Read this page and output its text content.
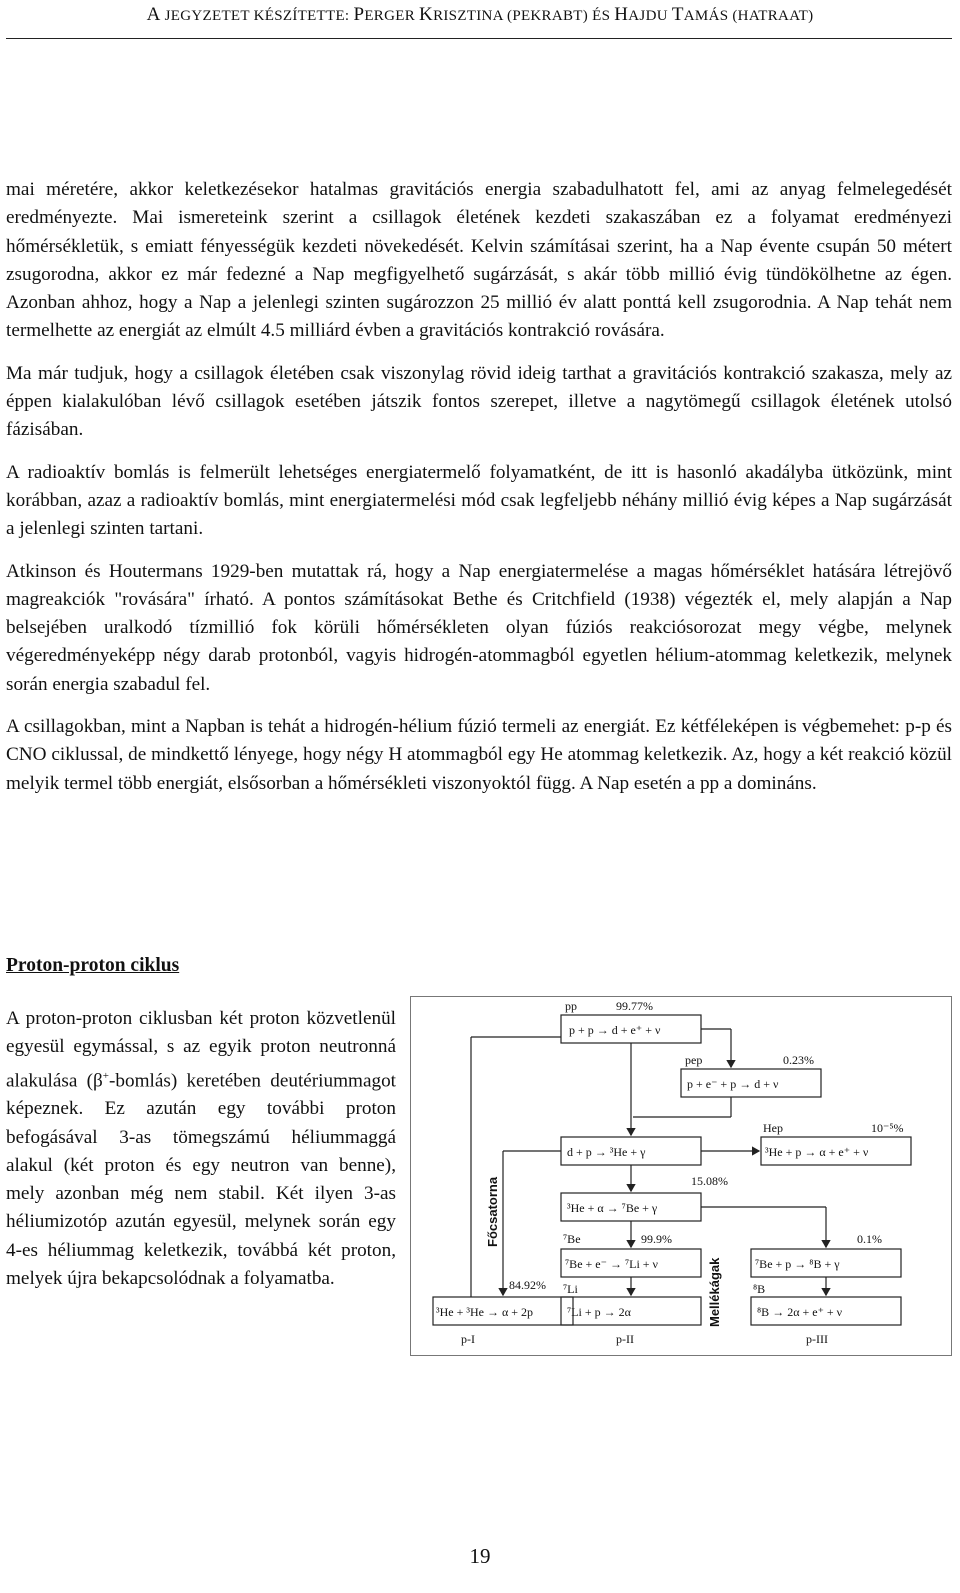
A JEGYZETET KÉSZÍTETTE: PERGER KRISZTINA (PEKRABT) ÉS HAJDU TAMÁS (HATRAAT)

mai méretére, akkor keletkezésekor hatalmas gravitációs energia szabadulhatott fel, ami az anyag felmelegedését eredményezte. Mai ismereteink szerint a csillagok életének kezdeti szakaszában ez a folyamat eredményezi hőmérsékletük, s emiatt fényességük kezdeti növekedését. Kelvin számításai szerint, ha a Nap évente csupán 50 métert zsugorodna, akkor ez már fedezné a Nap megfigyelhető sugárzását, s akár több millió évig tündökölhetne az égen. Azonban ahhoz, hogy a Nap a jelenlegi szinten sugározzon 25 millió év alatt ponttá kell zsugorodnia. A Nap tehát nem termelhette az energiát az elmúlt 4.5 milliárd évben a gravitációs kontrakció rovására.

Ma már tudjuk, hogy a csillagok életében csak viszonylag rövid ideig tarthat a gravitációs kontrakció szakasza, mely az éppen kialakulóban lévő csillagok esetében játszik fontos szerepet, illetve a nagytömegű csillagok életének utolsó fázisában.

A radioaktív bomlás is felmerült lehetséges energiatermelő folyamatként, de itt is hasonló akadályba ütközünk, mint korábban, azaz a radioaktív bomlás, mint energiatermelési mód csak legfeljebb néhány millió évig képes a Nap sugárzását a jelenlegi szinten tartani.

Atkinson és Houtermans 1929-ben mutattak rá, hogy a Nap energiatermelése a magas hőmérséklet hatására létrejövő magreakciók "rovására" írható. A pontos számításokat Bethe és Critchfield (1938) végezték el, mely alapján a Nap belsejében uralkodó tízmillió fok körüli hőmérsékleten olyan fúziós reakciósorozat megy végbe, melynek végeredményeképp négy darab protonból, vagyis hidrogén-atommagból egyetlen hélium-atommag keletkezik, melynek során energia szabadul fel.

A csillagokban, mint a Napban is tehát a hidrogén-hélium fúzió termeli az energiát. Ez kétféleképen is végbemehet: p-p és CNO ciklussal, de mindkettő lényege, hogy négy H atommagból egy He atommag keletkezik. Az, hogy a két reakció közül melyik termel több energiát, elsősorban a hőmérsékleti viszonyoktól függ. A Nap esetén a pp a domináns.

Proton-proton ciklus

A proton-proton ciklusban két proton közvetlenül egyesül egymással, s az egyik proton neutronná alakulása (β+-bomlás) keretében deutériummagot képeznek. Ez azután egy további proton befogásával 3-as tömegszámú héliummaggá alakul (két proton és egy neutron van benne), mely azonban még nem stabil. Két ilyen 3-as héliumizotóp azután egyesül, melynek során egy 4-es héliummag keletkezik, továbbá két proton, melyek újra bekapcsolódnak a folyamatba.

pp	99.77%
p + p → d + e⁺ + ν
pep	0.23%
p + e⁻ + p → d + ν
Hep	10⁻⁵%
d + p → ³He + γ	³He + p → α + e⁺ + ν
15.08%
³He + α → ⁷Be + γ
⁷Be	99.9%	0.1%
⁷Be + e⁻ → ⁷Li + ν	⁷Be + p → ⁸B + γ
84.92% ⁷Li	⁸B
³He + ³He → α + 2p	⁷Li + p → 2α	⁸B → 2α + e⁺ + ν
p-I	p-II	p-III
Főcsatorna
Mellékágak
19
